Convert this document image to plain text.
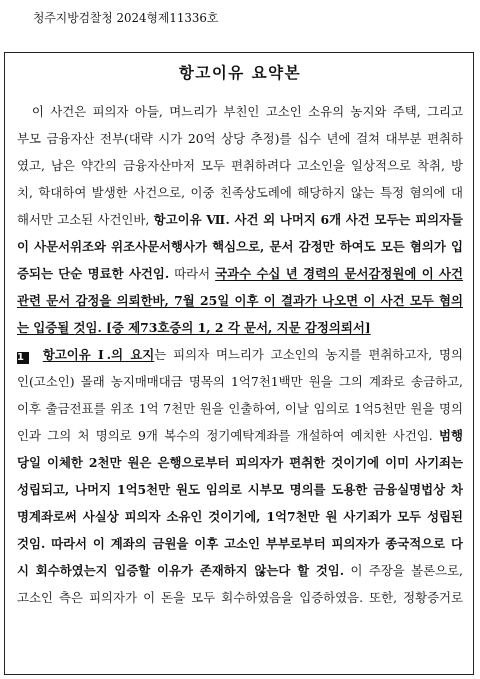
청주지방검찰청 2024형제11336호
항고이유 요약본
　이 사건은 피의자 아들, 며느리가 부친인 고소인 소유의 농지와 주택, 그리고
부모 금융자산 전부(대략 시가 20억 상당 추정)를 십수 년에 걸쳐 대부분 편취하
였고, 남은 약간의 금융자산마저 모두 편취하려다 고소인을 일상적으로 착취, 방
치, 학대하여 발생한 사건으로, 이중 친족상도례에 해당하지 않는 특정 혐의에 대
해서만 고소된 사건인바, 항고이유 Ⅶ. 사건 외 나머지 6개 사건 모두는 피의자들
이 사문서위조와 위조사문서행사가 핵심으로, 문서 감정만 하여도 모든 혐의가 입
증되는 단순 명료한 사건임. 따라서 국과수 수십 년 경력의 문서감정원에 이 사건
관련 문서 감정을 의뢰한바, 7월 25일 이후 이 결과가 나오면 이 사건 모두 혐의
는 입증될 것임. [증 제73호증의 1, 2 각 문서, 지문 감정의뢰서]
1 항고이유 Ⅰ.의 요지는 피의자 며느리가 고소인의 농지를 편취하고자, 명의
인(고소인) 몰래 농지매매대금 명목의 1억7천1백만 원을 그의 계좌로 송금하고,
이후 출금전표를 위조 1억 7천만 원을 인출하여, 이날 임의로 1억5천만 원을 명의
인과 그의 처 명의로 9개 복수의 정기예탁계좌를 개설하여 예치한 사건임. 범행
당일 이체한 2천만 원은 은행으로부터 피의자가 편취한 것이기에 이미 사기죄는
성립되고, 나머지 1억5천만 원도 임의로 시부모 명의를 도용한 금융실명법상 차
명계좌로써 사실상 피의자 소유인 것이기에, 1억7천만 원 사기죄가 모두 성립된
것임. 따라서 이 계좌의 금원을 이후 고소인 부부로부터 피의자가 종국적으로 다
시 회수하였는지 입증할 이유가 존재하지 않는다 할 것임. 이 주장을 볼론으로,
고소인 측은 피의자가 이 돈을 모두 회수하였음을 입증하였음. 또한, 정황증거로
